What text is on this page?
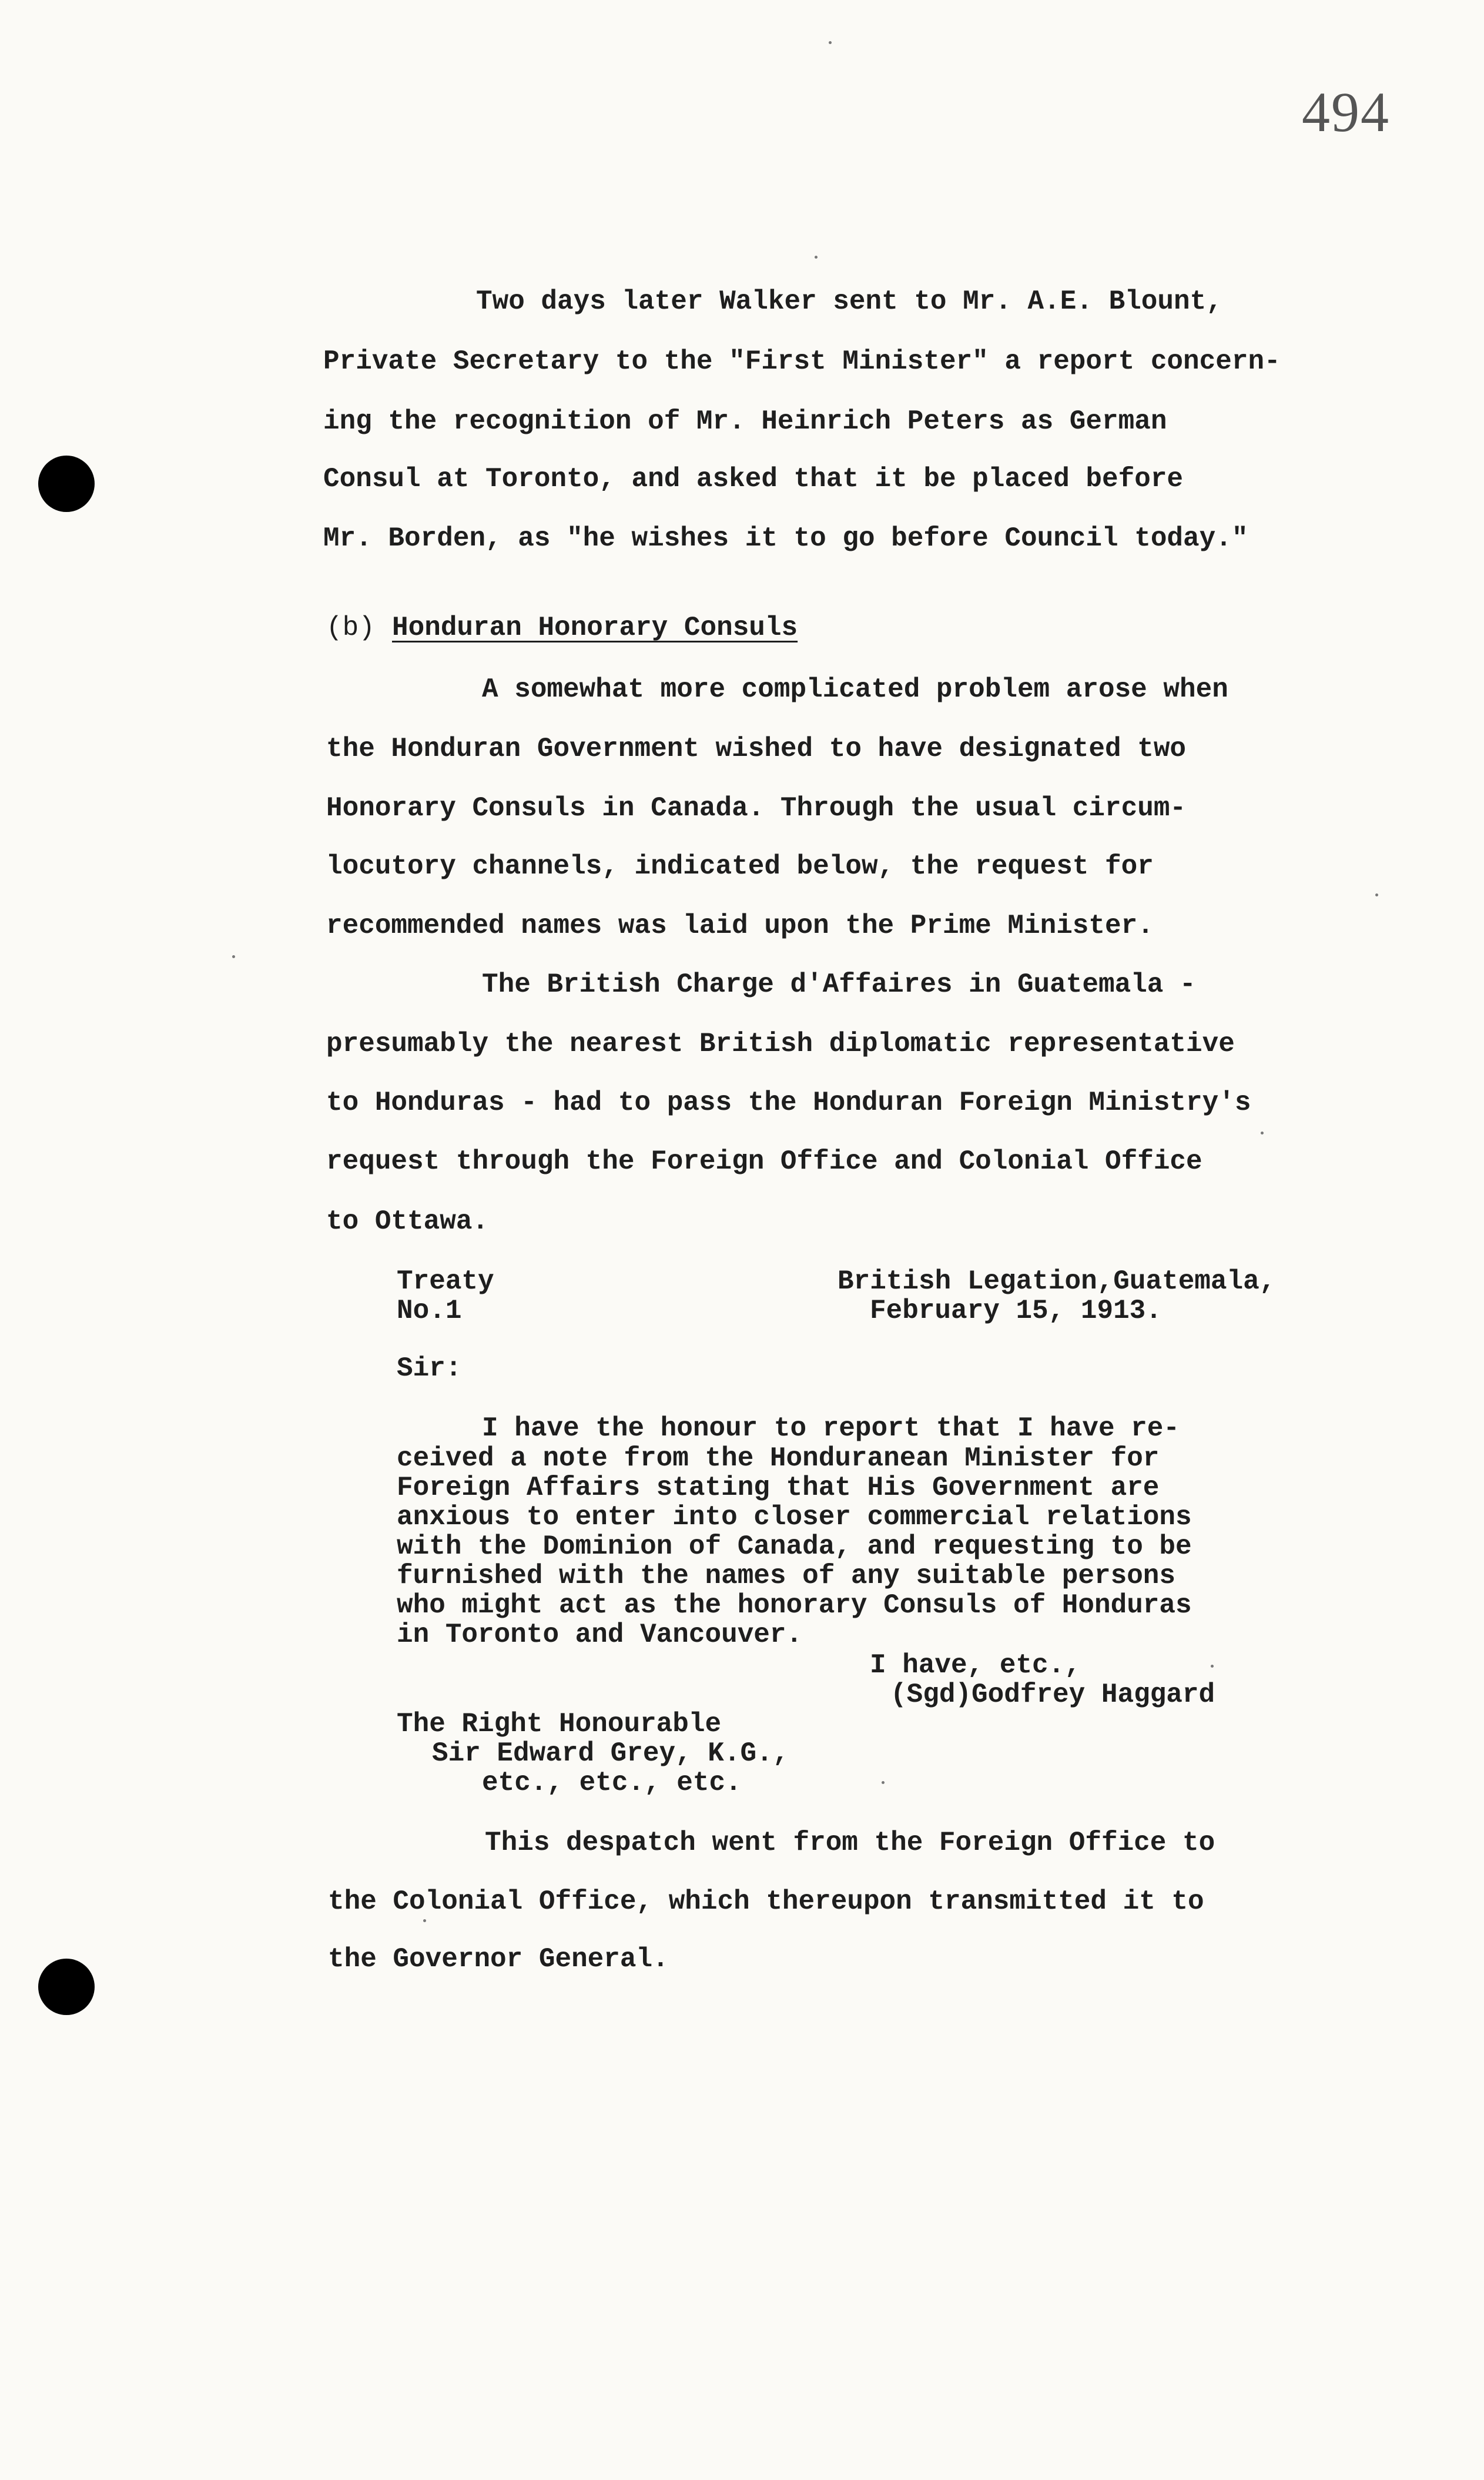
494
Two days later Walker sent to Mr. A.E. Blount,
Private Secretary to the "First Minister" a report concern-
ing the recognition of Mr. Heinrich Peters as German
Consul at Toronto, and asked that it be placed before
Mr. Borden, as "he wishes it to go before Council today."
(b) Honduran Honorary Consuls
A somewhat more complicated problem arose when
the Honduran Government wished to have designated two
Honorary Consuls in Canada. Through the usual circum-
locutory channels, indicated below, the request for
recommended names was laid upon the Prime Minister.
The British Charge d'Affaires in Guatemala -
presumably the nearest British diplomatic representative
to Honduras - had to pass the Honduran Foreign Ministry's
request through the Foreign Office and Colonial Office
to Ottawa.
Treaty
No.1
British Legation,Guatemala,
February 15, 1913.
Sir:
I have the honour to report that I have re-
ceived a note from the Honduranean Minister for
Foreign Affairs stating that His Government are
anxious to enter into closer commercial relations
with the Dominion of Canada, and requesting to be
furnished with the names of any suitable persons
who might act as the honorary Consuls of Honduras
in Toronto and Vancouver.
I have, etc.,
(Sgd)Godfrey Haggard
The Right Honourable
Sir Edward Grey, K.G.,
etc., etc., etc.
This despatch went from the Foreign Office to
the Colonial Office, which thereupon transmitted it to
the Governor General.
